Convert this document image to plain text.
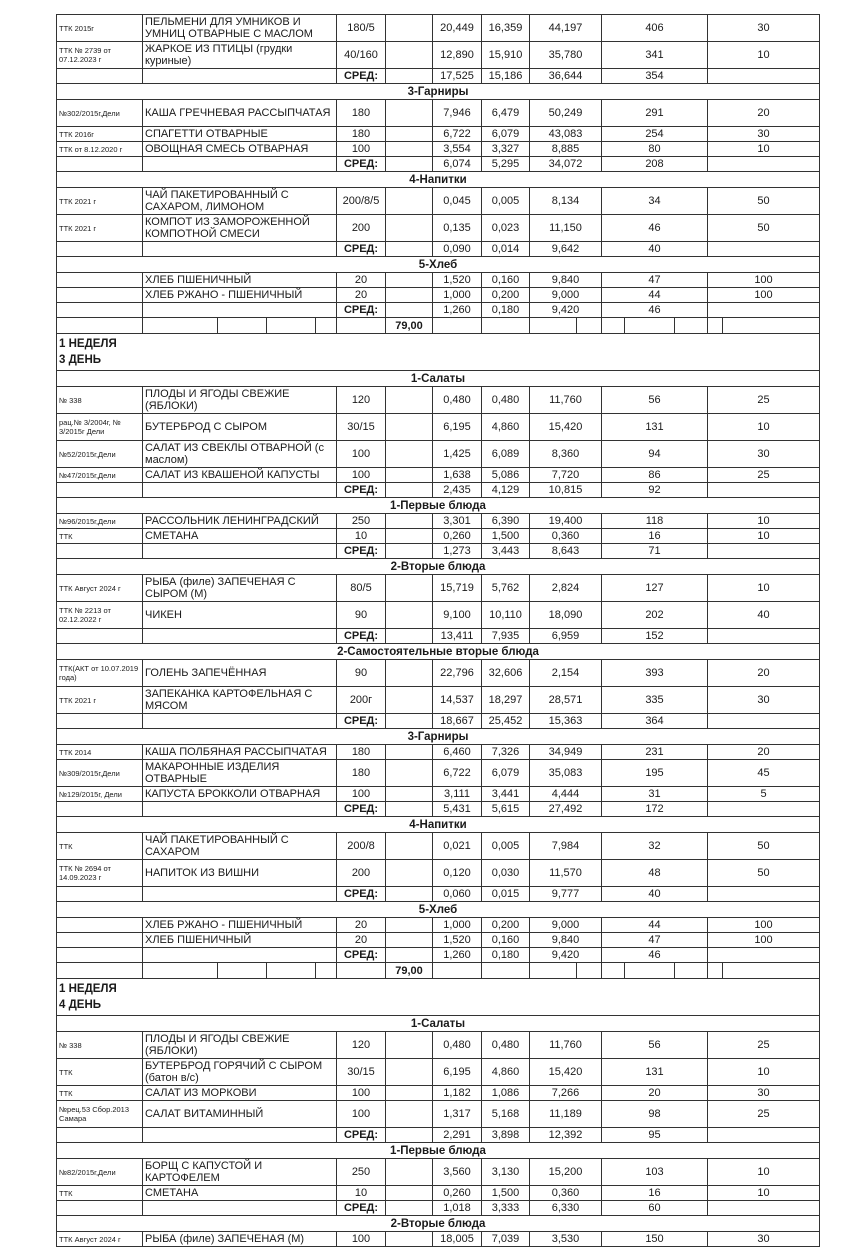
ТТК 2015г	ПЕЛЬМЕНИ ДЛЯ УМНИКОВ И УМНИЦ ОТВАРНЫЕ С МАСЛОМ	180/5		20,449	16,359	44,197	406	30
ТТК № 2739 от 07.12.2023 г	ЖАРКОЕ ИЗ ПТИЦЫ (грудки куриные)	40/160		12,890	15,910	35,780	341	10
		СРЕД:		17,525	15,186	36,644	354	
3-Гарниры								
№302/2015г,Дели	КАША ГРЕЧНЕВАЯ РАССЫПЧАТАЯ	180		7,946	6,479	50,249	291	20
ТТК 2016г	СПАГЕТТИ ОТВАРНЫЕ	180		6,722	6,079	43,083	254	30
ТТК от 8.12.2020 г	ОВОЩНАЯ СМЕСЬ ОТВАРНАЯ	100		3,554	3,327	8,885	80	10
		СРЕД:		6,074	5,295	34,072	208	
4-Напитки								
ТТК 2021 г	ЧАЙ ПАКЕТИРОВАННЫЙ С САХАРОМ, ЛИМОНОМ	200/8/5		0,045	0,005	8,134	34	50
ТТК 2021 г	КОМПОТ ИЗ ЗАМОРОЖЕННОЙ КОМПОТНОЙ СМЕСИ	200		0,135	0,023	11,150	46	50
		СРЕД:		0,090	0,014	9,642	40	
5-Хлеб								
	ХЛЕБ ПШЕНИЧНЫЙ	20		1,520	0,160	9,840	47	100
	ХЛЕБ РЖАНО - ПШЕНИЧНЫЙ	20		1,000	0,200	9,000	44	100
		СРЕД:		1,260	0,180	9,420	46	

		79,00			

1 НЕДЕЛЯ
3 ДЕНЬ								

1-Салаты								
№ 338	ПЛОДЫ И ЯГОДЫ СВЕЖИЕ (ЯБЛОКИ)	120		0,480	0,480	11,760	56	25
рац.№ 3/2004г, № 3/2015г Дели	БУТЕРБРОД С СЫРОМ	30/15		6,195	4,860	15,420	131	10
№52/2015г,Дели	САЛАТ ИЗ СВЕКЛЫ ОТВАРНОЙ (с маслом)	100		1,425	6,089	8,360	94	30
№47/2015г,Дели	САЛАТ ИЗ КВАШЕНОЙ КАПУСТЫ	100		1,638	5,086	7,720	86	25
		СРЕД:		2,435	4,129	10,815	92	
1-Первые блюда								
№96/2015г,Дели	РАССОЛЬНИК ЛЕНИНГРАДСКИЙ	250		3,301	6,390	19,400	118	10
ТТК	СМЕТАНА	10		0,260	1,500	0,360	16	10
		СРЕД:		1,273	3,443	8,643	71	
2-Вторые блюда								
ТТК Август 2024 г	РЫБА (филе) ЗАПЕЧЕНАЯ С СЫРОМ (М)	80/5		15,719	5,762	2,824	127	10
ТТК № 2213 от 02.12.2022 г	ЧИКЕН	90		9,100	10,110	18,090	202	40
		СРЕД:		13,411	7,935	6,959	152	
2-Самостоятельные вторые блюда								
ТТК(АКТ от 10.07.2019 года)	ГОЛЕНЬ ЗАПЕЧЁННАЯ	90		22,796	32,606	2,154	393	20
ТТК 2021 г	ЗАПЕКАНКА КАРТОФЕЛЬНАЯ С МЯСОМ	200г		14,537	18,297	28,571	335	30
		СРЕД:		18,667	25,452	15,363	364	
3-Гарниры								
ТТК 2014	КАША ПОЛБЯНАЯ РАССЫПЧАТАЯ	180		6,460	7,326	34,949	231	20
№309/2015г,Дели	МАКАРОННЫЕ ИЗДЕЛИЯ ОТВАРНЫЕ	180		6,722	6,079	35,083	195	45
№129/2015г, Дели	КАПУСТА БРОККОЛИ ОТВАРНАЯ	100		3,111	3,441	4,444	31	5
		СРЕД:		5,431	5,615	27,492	172	
4-Напитки								
ТТК	ЧАЙ ПАКЕТИРОВАННЫЙ С САХАРОМ	200/8		0,021	0,005	7,984	32	50
ТТК № 2694 от 14.09.2023 г	НАПИТОК ИЗ ВИШНИ	200		0,120	0,030	11,570	48	50
		СРЕД:		0,060	0,015	9,777	40	
5-Хлеб								
	ХЛЕБ РЖАНО - ПШЕНИЧНЫЙ	20		1,000	0,200	9,000	44	100
	ХЛЕБ ПШЕНИЧНЫЙ	20		1,520	0,160	9,840	47	100
		СРЕД:		1,260	0,180	9,420	46	

		79,00			

1 НЕДЕЛЯ
4 ДЕНЬ								

1-Салаты								
№ 338	ПЛОДЫ И ЯГОДЫ СВЕЖИЕ (ЯБЛОКИ)	120		0,480	0,480	11,760	56	25
ТТК	БУТЕРБРОД ГОРЯЧИЙ С СЫРОМ (батон в/с)	30/15		6,195	4,860	15,420	131	10
ТТК	САЛАТ ИЗ МОРКОВИ	100		1,182	1,086	7,266	20	30
№рец.53 Сбор.2013 Самара	САЛАТ ВИТАМИННЫЙ	100		1,317	5,168	11,189	98	25
		СРЕД:		2,291	3,898	12,392	95	
1-Первые блюда								
№82/2015г,Дели	БОРЩ С КАПУСТОЙ И КАРТОФЕЛЕМ	250		3,560	3,130	15,200	103	10
ТТК	СМЕТАНА	10		0,260	1,500	0,360	16	10
		СРЕД:		1,018	3,333	6,330	60	
2-Вторые блюда								
ТТК Август 2024 г	РЫБА (филе) ЗАПЕЧЕНАЯ (М)	100		18,005	7,039	3,530	150	30
